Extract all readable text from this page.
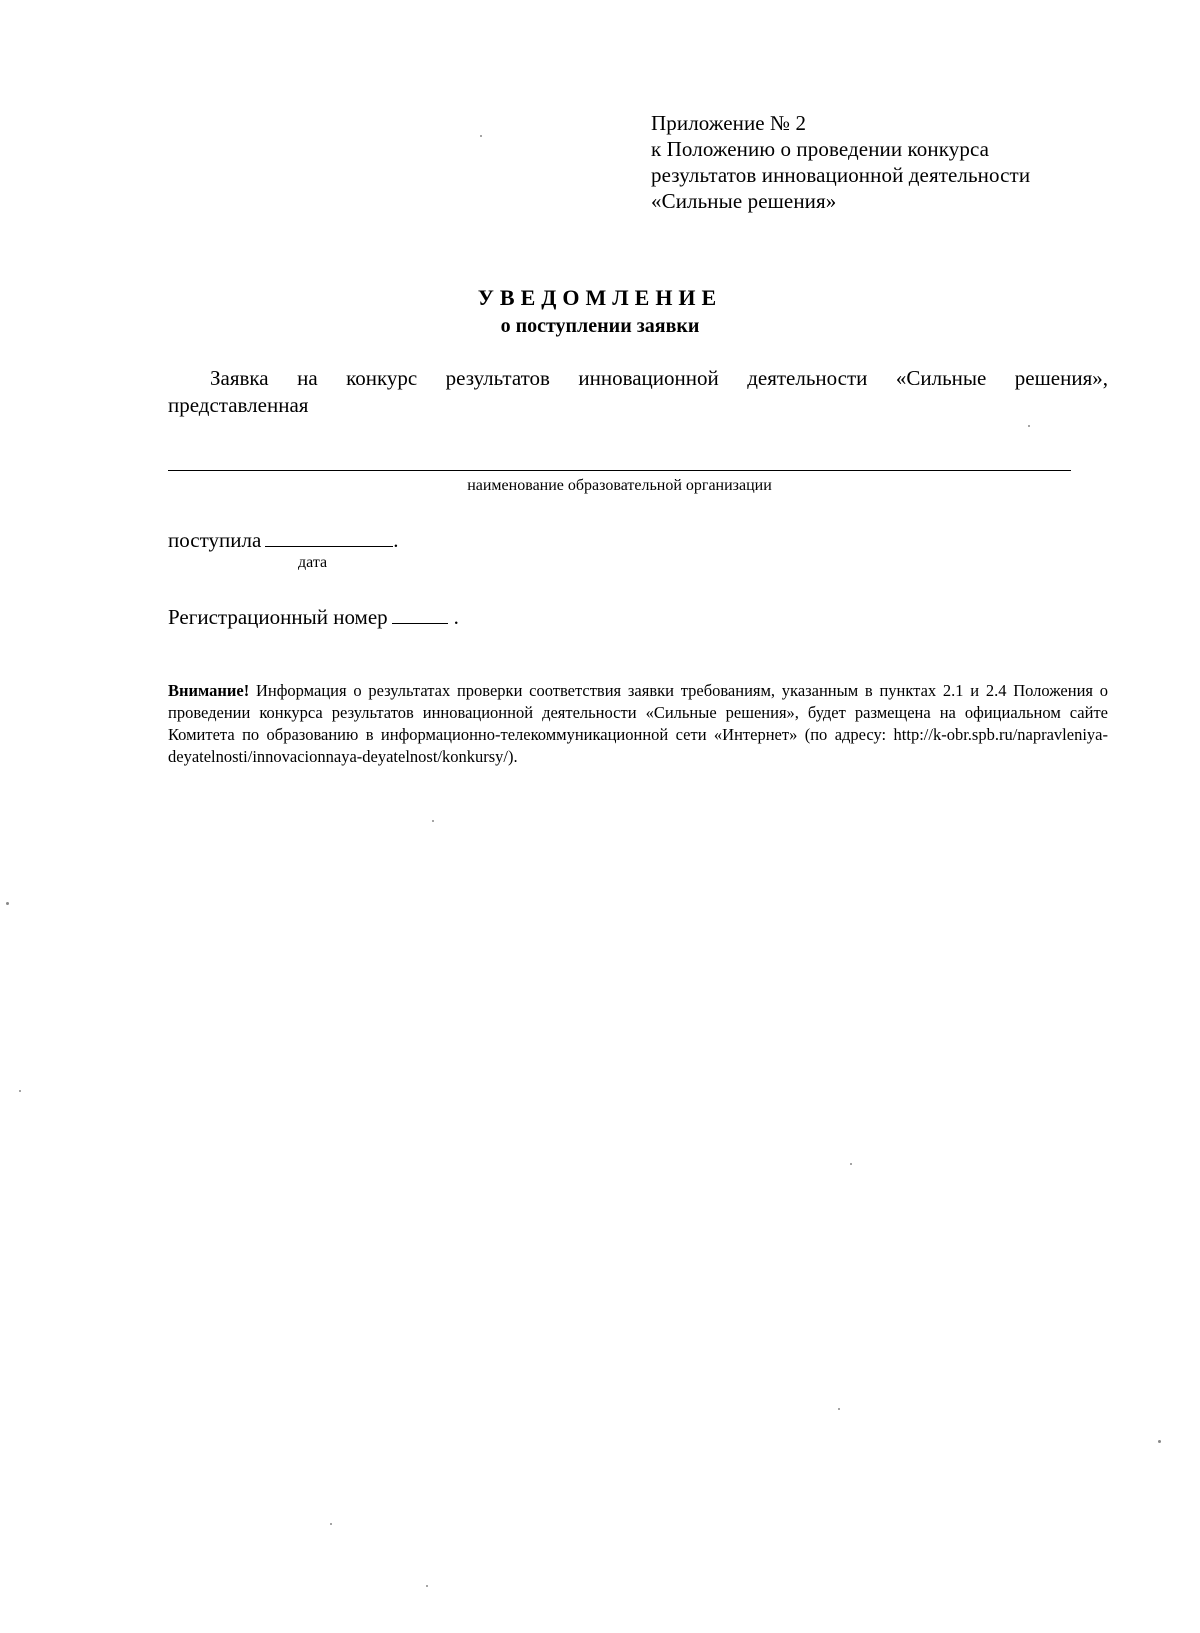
Приложение № 2
к Положению о проведении конкурса
результатов инновационной деятельности
«Сильные решения»
УВЕДОМЛЕНИЕ
о поступлении заявки
Заявка на конкурс результатов инновационной деятельности «Сильные решения»,
представленная
наименование образовательной организации
поступила	.
дата
Регистрационный номер	.
Внимание! Информация о результатах проверки соответствия заявки требованиям, указанным в пунктах 2.1 и 2.4 Положения о проведении конкурса результатов инновационной деятельности «Сильные решения», будет размещена на официальном сайте Комитета по образованию в информационно-телекоммуникационной сети «Интернет» (по адресу: http://k-obr.spb.ru/napravleniya-deyatelnosti/innovacionnaya-deyatelnost/konkursy/).
